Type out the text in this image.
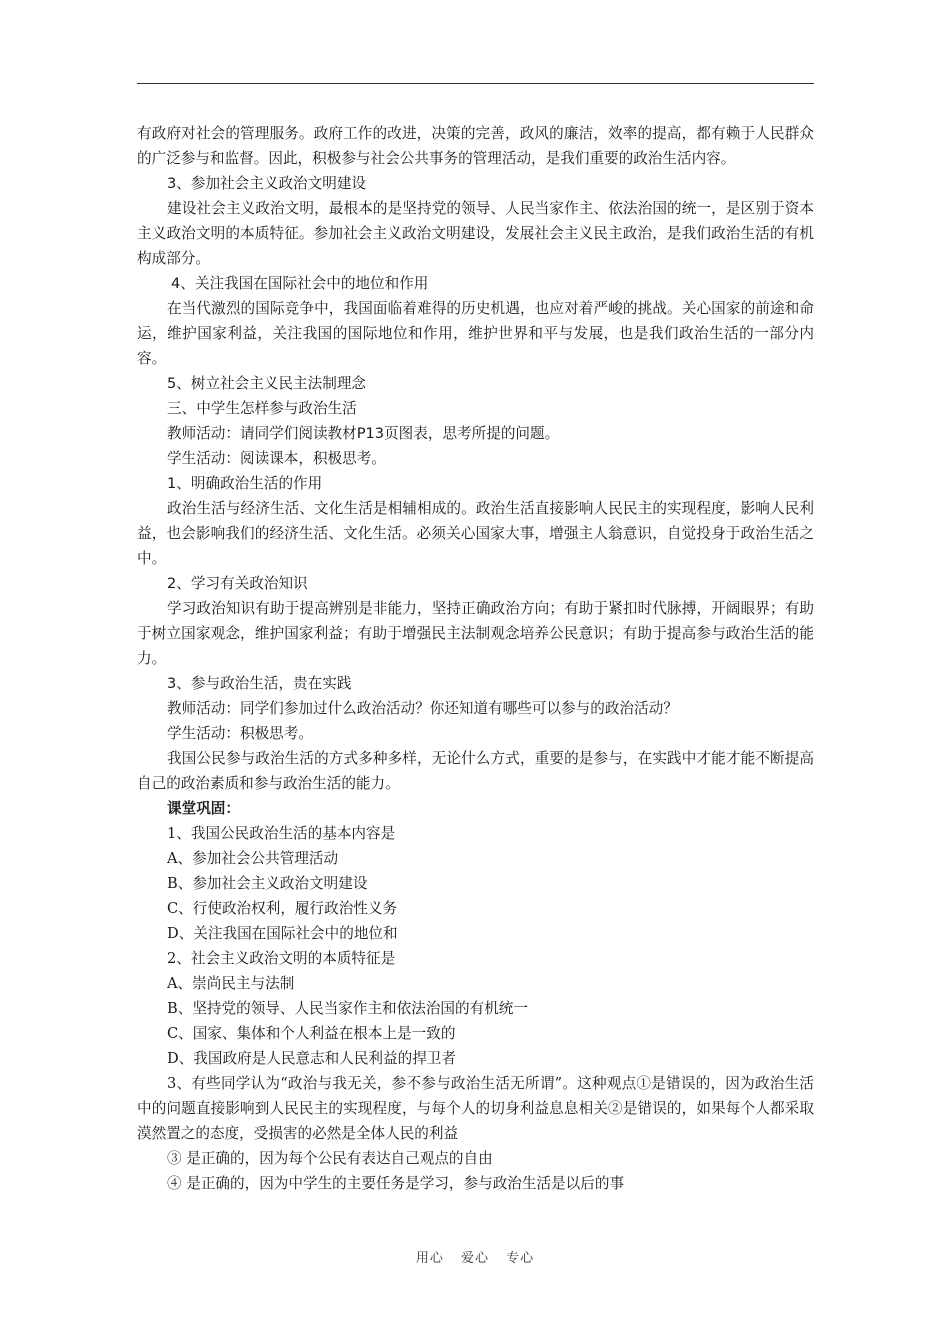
有政府对社会的管理服务。政府工作的改进，决策的完善，政风的廉洁，效率的提高，都有赖于人民群众的广泛参与和监督。因此，积极参与社会公共事务的管理活动，是我们重要的政治生活内容。

3、参加社会主义政治文明建设

建设社会主义政治文明，最根本的是坚持党的领导、人民当家作主、依法治国的统一，是区别于资本主义政治文明的本质特征。参加社会主义政治文明建设，发展社会主义民主政治，是我们政治生活的有机构成部分。

4、关注我国在国际社会中的地位和作用

在当代激烈的国际竞争中，我国面临着难得的历史机遇，也应对着严峻的挑战。关心国家的前途和命运，维护国家利益，关注我国的国际地位和作用，维护世界和平与发展，也是我们政治生活的一部分内容。

5、树立社会主义民主法制理念

三、中学生怎样参与政治生活

教师活动：请同学们阅读教材P13页图表，思考所提的问题。

学生活动：阅读课本，积极思考。

1、明确政治生活的作用

政治生活与经济生活、文化生活是相辅相成的。政治生活直接影响人民民主的实现程度，影响人民利益，也会影响我们的经济生活、文化生活。必须关心国家大事，增强主人翁意识，自觉投身于政治生活之中。

2、学习有关政治知识

学习政治知识有助于提高辨别是非能力，坚持正确政治方向；有助于紧扣时代脉搏，开阔眼界；有助于树立国家观念，维护国家利益；有助于增强民主法制观念培养公民意识；有助于提高参与政治生活的能力。

3、参与政治生活，贵在实践

教师活动：同学们参加过什么政治活动？你还知道有哪些可以参与的政治活动？

学生活动：积极思考。

我国公民参与政治生活的方式多种多样，无论什么方式，重要的是参与，在实践中才能才能不断提高自己的政治素质和参与政治生活的能力。

课堂巩固：

1、我国公民政治生活的基本内容是

A、参加社会公共管理活动

B、参加社会主义政治文明建设

C、行使政治权利，履行政治性义务

D、关注我国在国际社会中的地位和

2、社会主义政治文明的本质特征是

A、崇尚民主与法制

B、坚持党的领导、人民当家作主和依法治国的有机统一

C、国家、集体和个人利益在根本上是一致的

D、我国政府是人民意志和人民利益的捍卫者

3、有些同学认为“政治与我无关，参不参与政治生活无所谓”。这种观点①是错误的，因为政治生活中的问题直接影响到人民民主的实现程度，与每个人的切身利益息息相关②是错误的，如果每个人都采取漠然置之的态度，受损害的必然是全体人民的利益

③ 是正确的，因为每个公民有表达自己观点的自由

④ 是正确的，因为中学生的主要任务是学习，参与政治生活是以后的事

用心 爱心 专心
